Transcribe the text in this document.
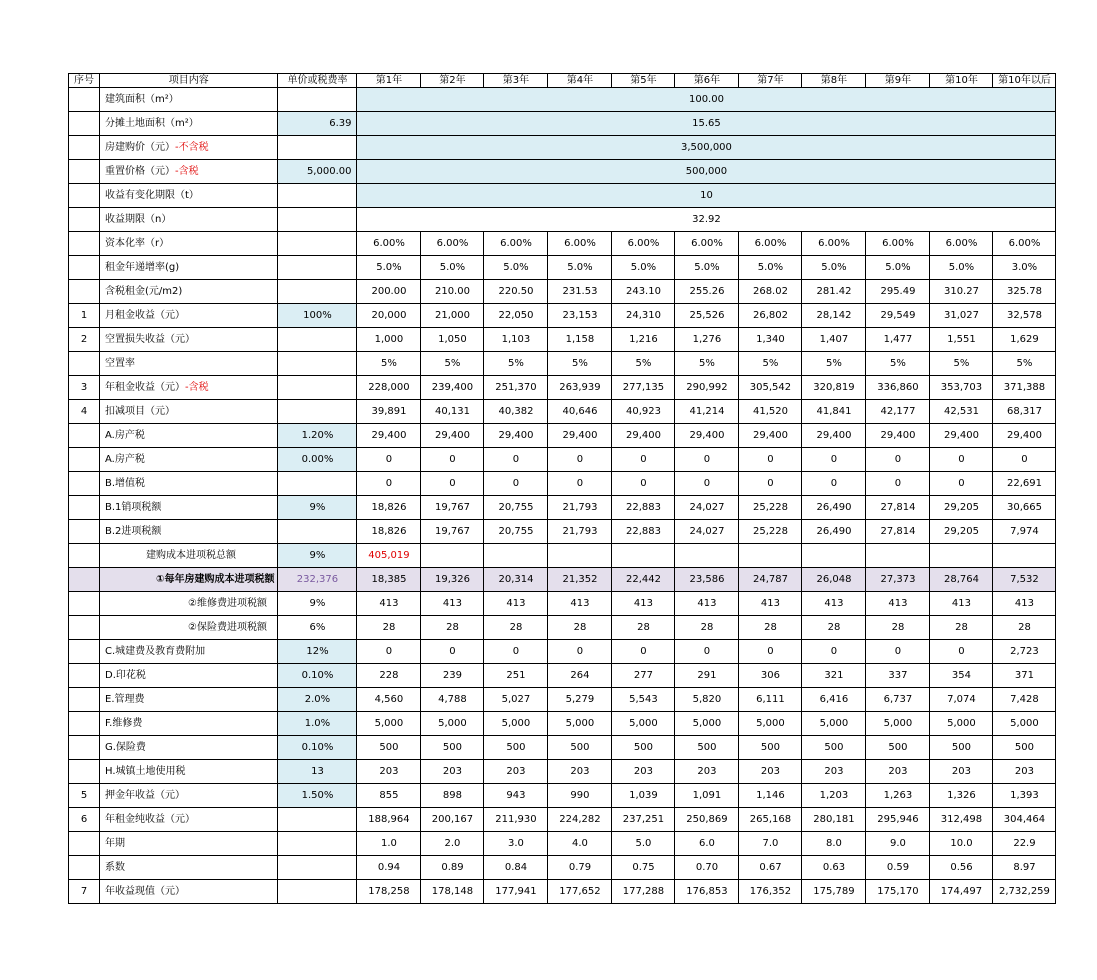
序号	项目内容	单价或税费率	第1年	第2年	第3年	第4年	第5年	第6年	第7年	第8年	第9年	第10年	第10年以后
	建筑面积（m²）		100.00										
	分摊土地面积（m²）	6.39	15.65										
	房建购价（元）-不含税		3,500,000										
	重置价格（元）-含税	5,000.00	500,000										
	收益有变化期限（t）		10										
	收益期限（n）		32.92										
	资本化率（r）		6.00%	6.00%	6.00%	6.00%	6.00%	6.00%	6.00%	6.00%	6.00%	6.00%	6.00%
	租金年递增率(g)		5.0%	5.0%	5.0%	5.0%	5.0%	5.0%	5.0%	5.0%	5.0%	5.0%	3.0%
	含税租金(元/m2)		200.00	210.00	220.50	231.53	243.10	255.26	268.02	281.42	295.49	310.27	325.78
1	月租金收益（元）	100%	20,000	21,000	22,050	23,153	24,310	25,526	26,802	28,142	29,549	31,027	32,578
2	空置损失收益（元）		1,000	1,050	1,103	1,158	1,216	1,276	1,340	1,407	1,477	1,551	1,629
	空置率		5%	5%	5%	5%	5%	5%	5%	5%	5%	5%	5%
3	年租金收益（元）-含税		228,000	239,400	251,370	263,939	277,135	290,992	305,542	320,819	336,860	353,703	371,388
4	扣减项目（元）		39,891	40,131	40,382	40,646	40,923	41,214	41,520	41,841	42,177	42,531	68,317
	A.房产税	1.20%	29,400	29,400	29,400	29,400	29,400	29,400	29,400	29,400	29,400	29,400	29,400
	A.房产税	0.00%	0	0	0	0	0	0	0	0	0	0	0
	B.增值税		0	0	0	0	0	0	0	0	0	0	22,691
	B.1销项税额	9%	18,826	19,767	20,755	21,793	22,883	24,027	25,228	26,490	27,814	29,205	30,665
	B.2进项税额		18,826	19,767	20,755	21,793	22,883	24,027	25,228	26,490	27,814	29,205	7,974
	建购成本进项税总额	9%	405,019										
	①每年房建购成本进项税额	232,376	18,385	19,326	20,314	21,352	22,442	23,586	24,787	26,048	27,373	28,764	7,532
	②维修费进项税额	9%	413	413	413	413	413	413	413	413	413	413	413
	②保险费进项税额	6%	28	28	28	28	28	28	28	28	28	28	28
	C.城建费及教育费附加	12%	0	0	0	0	0	0	0	0	0	0	2,723
	D.印花税	0.10%	228	239	251	264	277	291	306	321	337	354	371
	E.管理费	2.0%	4,560	4,788	5,027	5,279	5,543	5,820	6,111	6,416	6,737	7,074	7,428
	F.维修费	1.0%	5,000	5,000	5,000	5,000	5,000	5,000	5,000	5,000	5,000	5,000	5,000
	G.保险费	0.10%	500	500	500	500	500	500	500	500	500	500	500
	H.城镇土地使用税	13	203	203	203	203	203	203	203	203	203	203	203
5	押金年收益（元）	1.50%	855	898	943	990	1,039	1,091	1,146	1,203	1,263	1,326	1,393
6	年租金纯收益（元）		188,964	200,167	211,930	224,282	237,251	250,869	265,168	280,181	295,946	312,498	304,464
	年期		1.0	2.0	3.0	4.0	5.0	6.0	7.0	8.0	9.0	10.0	22.9
	系数		0.94	0.89	0.84	0.79	0.75	0.70	0.67	0.63	0.59	0.56	8.97
7	年收益现值（元）		178,258	178,148	177,941	177,652	177,288	176,853	176,352	175,789	175,170	174,497	2,732,259
